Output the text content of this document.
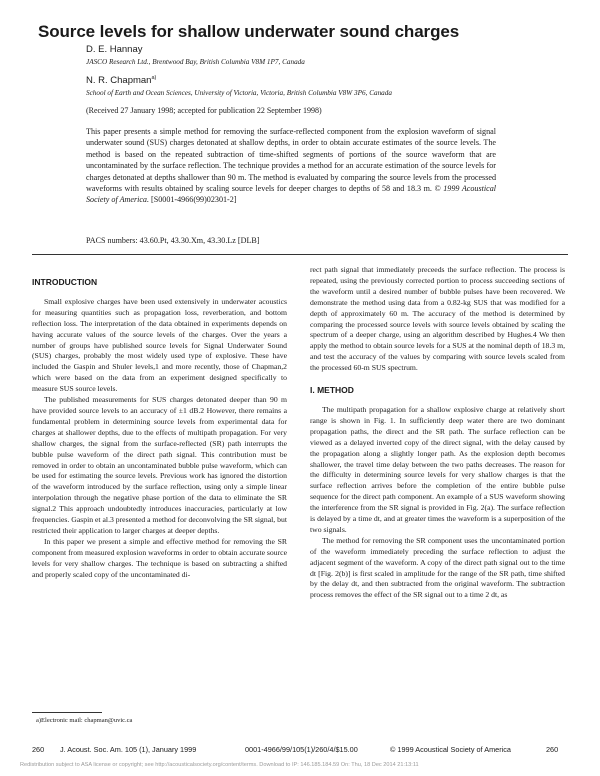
Source levels for shallow underwater sound charges
D. E. Hannay
JASCO Research Ltd., Brentwood Bay, British Columbia V8M 1P7, Canada
N. R. Chapman$^{a)}$
School of Earth and Ocean Sciences, University of Victoria, Victoria, British Columbia V8W 3P6, Canada
(Received 27 January 1998; accepted for publication 22 September 1998)
This paper presents a simple method for removing the surface-reflected component from the explosion waveform of signal underwater sound (SUS) charges detonated at shallow depths, in order to obtain accurate estimates of the source levels. The method is based on the repeated subtraction of time-shifted segments of portions of the source waveform that are uncontaminated by the surface reflection. The technique provides a method for an accurate estimation of the source levels for charges detonated at depths shallower than 90 m. The method is evaluated by comparing the source levels from the processed waveforms with results obtained by scaling source levels for deeper charges to depths of 58 and 18.3 m. © 1999 Acoustical Society of America. [S0001-4966(99)02301-2]
PACS numbers: 43.60.Pt, 43.30.Xm, 43.30.Lz [DLB]
INTRODUCTION

Small explosive charges have been used extensively in underwater acoustics for measuring quantities such as propagation loss, reverberation, and bottom reflection loss. The interpretation of the data obtained in experiments depends on having accurate values of the source levels of the charges. Over the years a number of groups have published source levels for Signal Underwater Sound (SUS) charges, probably the most widely used type of explosive. These have included the Gaspin and Shuler levels,1 and more recently, those of Chapman,2 which were based on the data from an experiment designed specifically to measure SUS source levels.

The published measurements for SUS charges detonated deeper than 90 m have provided source levels to an accuracy of ±1 dB.2 However, there remains a fundamental problem in determining source levels from experimental data for charges at shallower depths, due to the effects of multipath propagation. For very shallow charges, the signal from the surface-reflected (SR) path interrupts the bubble pulse waveform of the direct path signal. This contribution must be removed in order to obtain an uncontaminated bubble pulse waveform, which can be used for estimating the source levels. Previous work has ignored the distortion of the waveform introduced by the surface reflection, using only a simple linear interpolation through the negative phase portion of the data to eliminate the SR signal.2 This approach undoubtedly introduces inaccuracies, particularly at low frequencies. Gaspin et al.3 presented a method for deconvolving the SR signal, but restricted their application to larger charges at deeper depths.

In this paper we present a simple and effective method for removing the SR component from measured explosion waveforms in order to obtain accurate source levels for very shallow charges. The technique is based on subtracting a shifted and properly scaled copy of the uncontaminated di-

rect path signal that immediately preceeds the surface reflection. The process is repeated, using the previously corrected portion to process succeeding sections of the waveform until a desired number of bubble pulses have been recovered. We demonstrate the method using data from a 0.82-kg SUS that was modified for a depth of approximately 60 m. The accuracy of the method is determined by comparing the processed source levels with source levels obtained by scaling the spectrum of a deeper charge, using an algorithm described by Hughes.4 We then apply the method to obtain source levels for a SUS at the nominal depth of 18.3 m, and test the accuracy of the values by comparing with source levels scaled from the processed 60-m SUS spectrum.

I. METHOD

The multipath propagation for a shallow explosive charge at relatively short range is shown in Fig. 1. In sufficiently deep water there are two dominant propagation paths, the direct and the SR path. The surface reflection can be viewed as a delayed inverted copy of the direct signal, with the delay caused by the propagation along a slightly longer path. As the explosion depth becomes shallower, the travel time delay between the two paths decreases. The reason for the difficulty in determining source levels for very shallow charges is that the surface reflection arrives before the completion of the entire bubble pulse sequence for the direct path component. An example of a SUS waveform showing the interference from the SR signal is provided in Fig. 2(a). The surface reflection is delayed by a time dt, and at greater times the waveform is a superposition of the two signals.

The method for removing the SR component uses the uncontaminated portion of the waveform immediately preceding the surface reflection to adjust the adjacent segment of the waveform. A copy of the direct path signal out to the time dt [Fig. 2(b)] is first scaled in amplitude for the range of the SR path, time shifted by the delay dt, and then subtracted from the original waveform. The subtraction process removes the effect of the SR signal out to a time 2 dt, as

a)Electronic mail: chapman@uvic.ca
260 J. Acoust. Soc. Am. 105 (1), January 1999	0001-4966/99/105(1)/260/4/$15.00	© 1999 Acoustical Society of America	260
Redistribution subject to ASA license or copyright; see http://acousticalsociety.org/content/terms. Download to IP: 146.185.184.59 On: Thu, 18 Dec 2014 21:13:11
